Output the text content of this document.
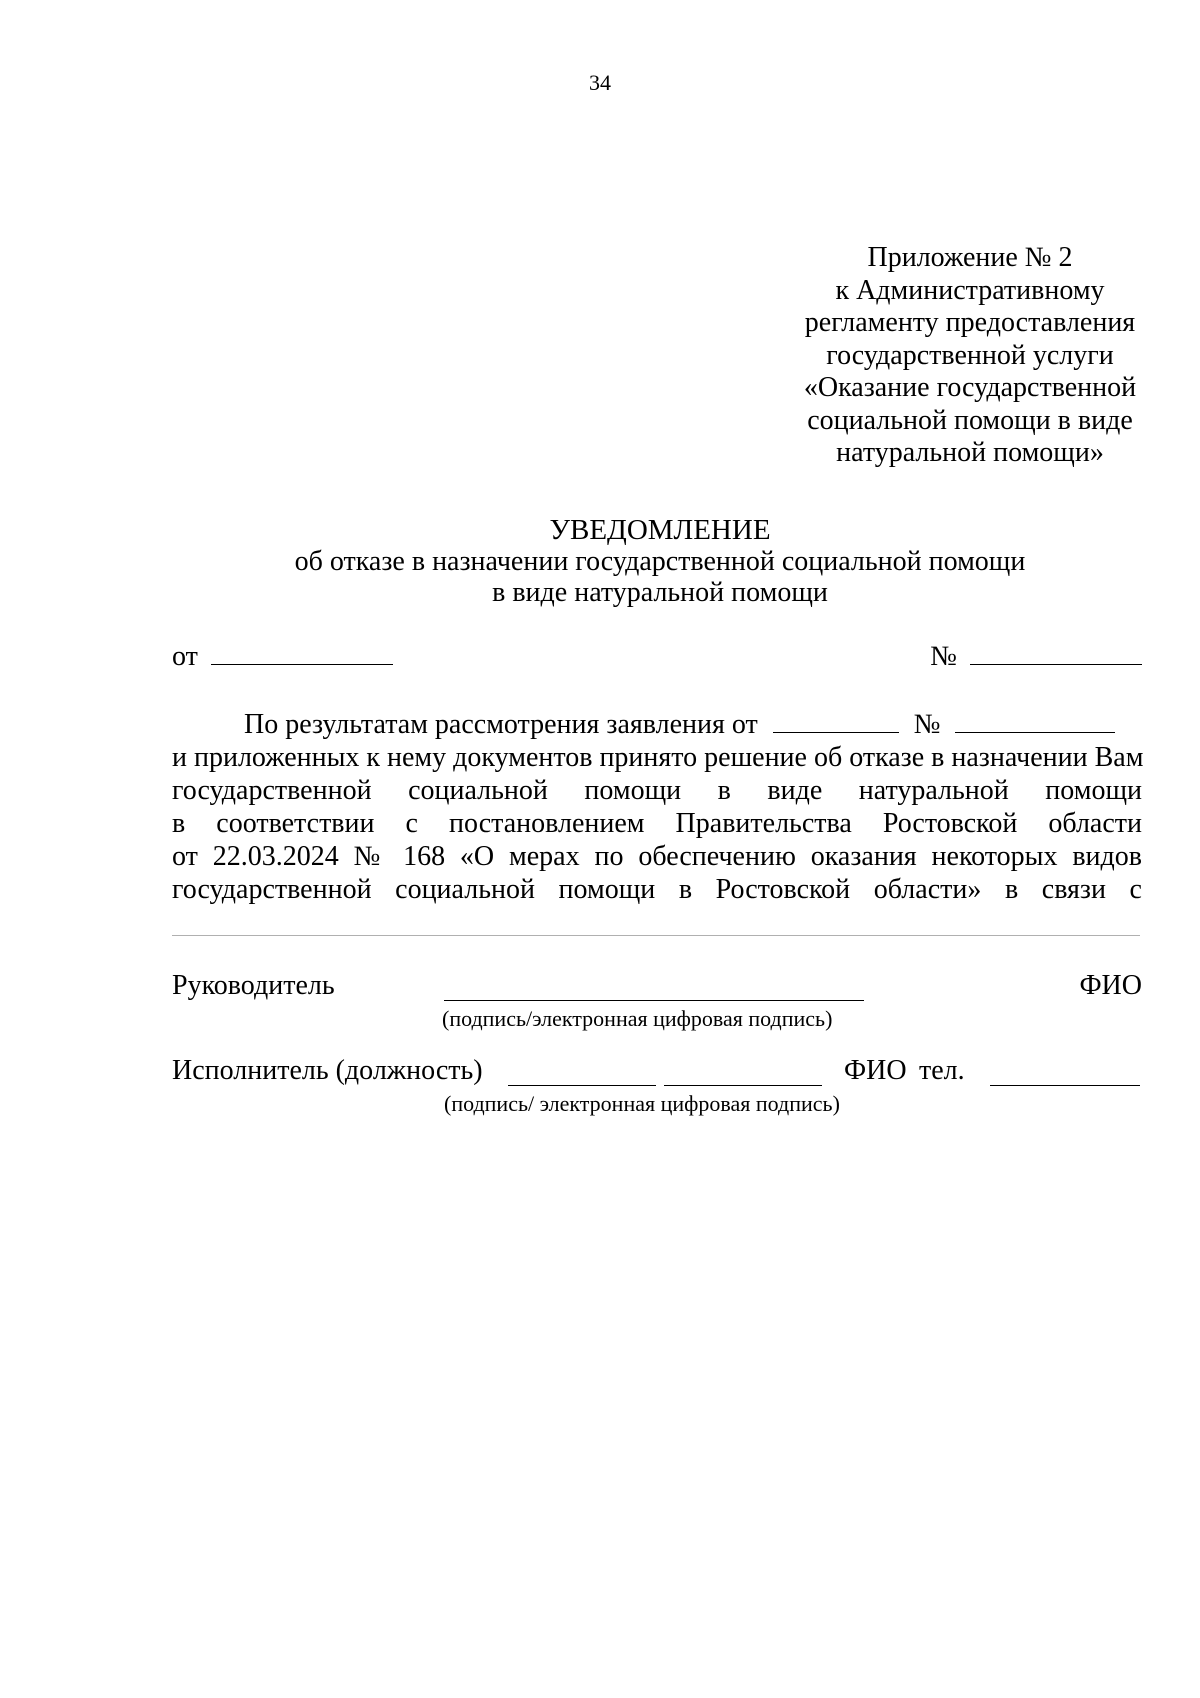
34
Приложение № 2
к Административному
регламенту предоставления
государственной услуги
«Оказание государственной
социальной помощи в виде
натуральной помощи»
УВЕДОМЛЕНИЕ
об отказе в назначении государственной социальной помощи
в виде натуральной помощи
от	№
По результатам рассмотрения заявления от	№
и приложенных к нему документов принято решение об отказе в назначении Вам
государственной социальной помощи в виде натуральной помощи
в соответствии с постановлением Правительства Ростовской области
от 22.03.2024 № 168 «О мерах по обеспечению оказания некоторых видов
государственной социальной помощи в Ростовской области» в связи с
Руководитель	ФИО
(подпись/электронная цифровая подпись)
Исполнитель (должность)	ФИО тел.
(подпись/ электронная цифровая подпись)
